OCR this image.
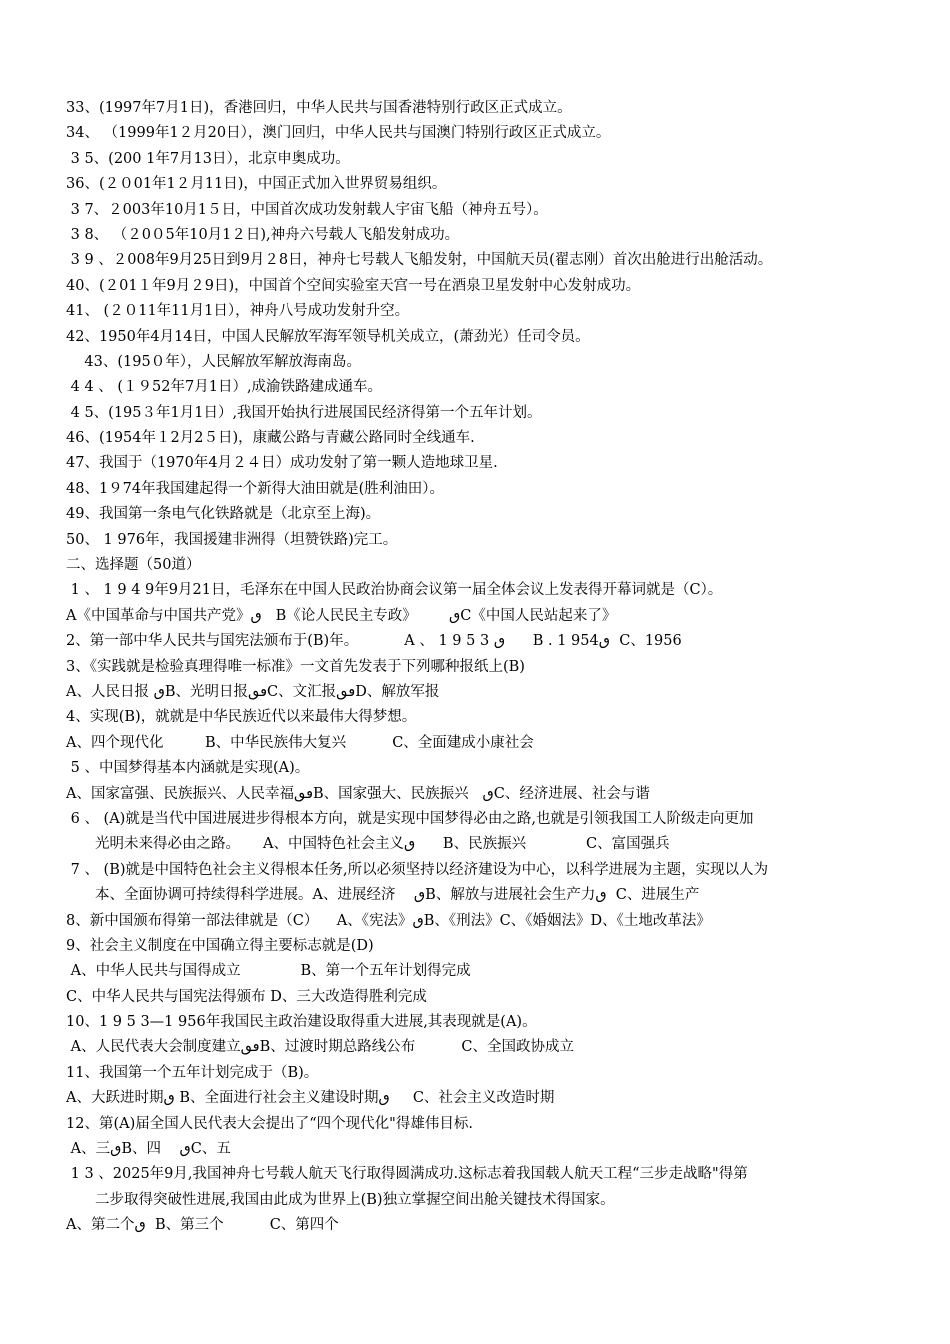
33、(1997年7月1日)，香港回归，中华人民共与国香港特别行政区正式成立。
34、 （1999年1２月20日），澳门回归，中华人民共与国澳门特别行政区正式成立。
3 5、(200 1年7月13日），北京申奥成功。
36、(２０01年1２月11日)，中国正式加入世界贸易组织。
3 7、２003年10月1５日，中国首次成功发射载人宇宙飞船（神舟五号）。
3 8、 （２0０5年10月1２日),神舟六号载人飞船发射成功。
3 9 、２008年9月25日到9月２8日，神舟七号载人飞船发射，中国航天员(翟志刚）首次出舱进行出舱活动。
40、(２01１年9月２9日)，中国首个空间实验室天宫一号在酒泉卫星发射中心发射成功。
41、 (２０11年11月1日），神舟八号成功发射升空。
42、1950年4月14日，中国人民解放军海军领导机关成立，(萧劲光）任司令员。
43、(195０年），人民解放军解放海南岛。
4 4 、 (１９52年7月1日）,成渝铁路建成通车。
4 5、(195３年1月1日）,我国开始执行进展国民经济得第一个五年计划。
46、(1954年１2月2５日)，康藏公路与青藏公路同时全线通车.
47、我国于（1970年4月２４日）成功发射了第一颗人造地球卫星.
48、1９74年我国建起得一个新得大油田就是(胜利油田）。
49、我国第一条电气化铁路就是（北京至上海)。
50、 1 976年，我国援建非洲得（坦赞铁路)完工。
二、选择题（50道）
1 、 1 9 4 9年9月21日，毛泽东在中国人民政治协商会议第一届全体会议上发表得开幕词就是（C）。
A《中国革命与中国共产党》ٯ   B《论人民民主专政》       ٯC《中国人民站起来了》
2、第一部中华人民共与国宪法颁布于(B)年。          A 、 1 9 5 3 ٯ      B . 1 954ٯ  C、1956
3、《实践就是检验真理得唯一标准》一文首先发表于下列哪种报纸上(B)
A、人民日报 ٯB、光明日报ٯٯC、文汇报ٯٯD、解放军报
4、实现(B)，就就是中华民族近代以来最伟大得梦想。
A、四个现代化         B、中华民族伟大复兴          C、全面建成小康社会
5 、中国梦得基本内涵就是实现(A)。
A、国家富强、民族振兴、人民幸福ٯٯB、国家强大、民族振兴   ٯC、经济进展、社会与谐
6 、 (A)就是当代中国进展进步得根本方向，就是实现中国梦得必由之路,也就是引领我国工人阶级走向更加
光明未来得必由之路。     A、中国特色社会主义ٯ      B、民族振兴             C、富国强兵
7 、 (B)就是中国特色社会主义得根本任务,所以必须坚持以经济建设为中心，以科学进展为主题，实现以人为
本、全面协调可持续得科学进展。A、进展经济    ٯB、解放与进展社会生产力ٯ  C、进展生产
8、新中国颁布得第一部法律就是（C）    A、《宪法》ٯB、《刑法》C、《婚姻法》D、《土地改革法》
9、社会主义制度在中国确立得主要标志就是(D)
A、中华人民共与国得成立             B、第一个五年计划得完成
C、中华人民共与国宪法得颁布 D、三大改造得胜利完成
10、1 9 5 3—1 956年我国民主政治建设取得重大进展,其表现就是(A)。
A、人民代表大会制度建立ٯٯB、过渡时期总路线公布          C、全国政协成立
11、我国第一个五年计划完成于（B)。
A、大跃进时期ٯ B、全面进行社会主义建设时期ٯ     C、社会主义改造时期
12、第(A)届全国人民代表大会提出了“四个现代化"得雄伟目标.
A、三ٯB、四    ٯC、五
1 3 、2025年9月,我国神舟七号载人航天飞行取得圆满成功.这标志着我国载人航天工程“三步走战略"得第
二步取得突破性进展,我国由此成为世界上(B)独立掌握空间出舱关键技术得国家。
A、第二个ٯ  B、第三个          C、第四个
